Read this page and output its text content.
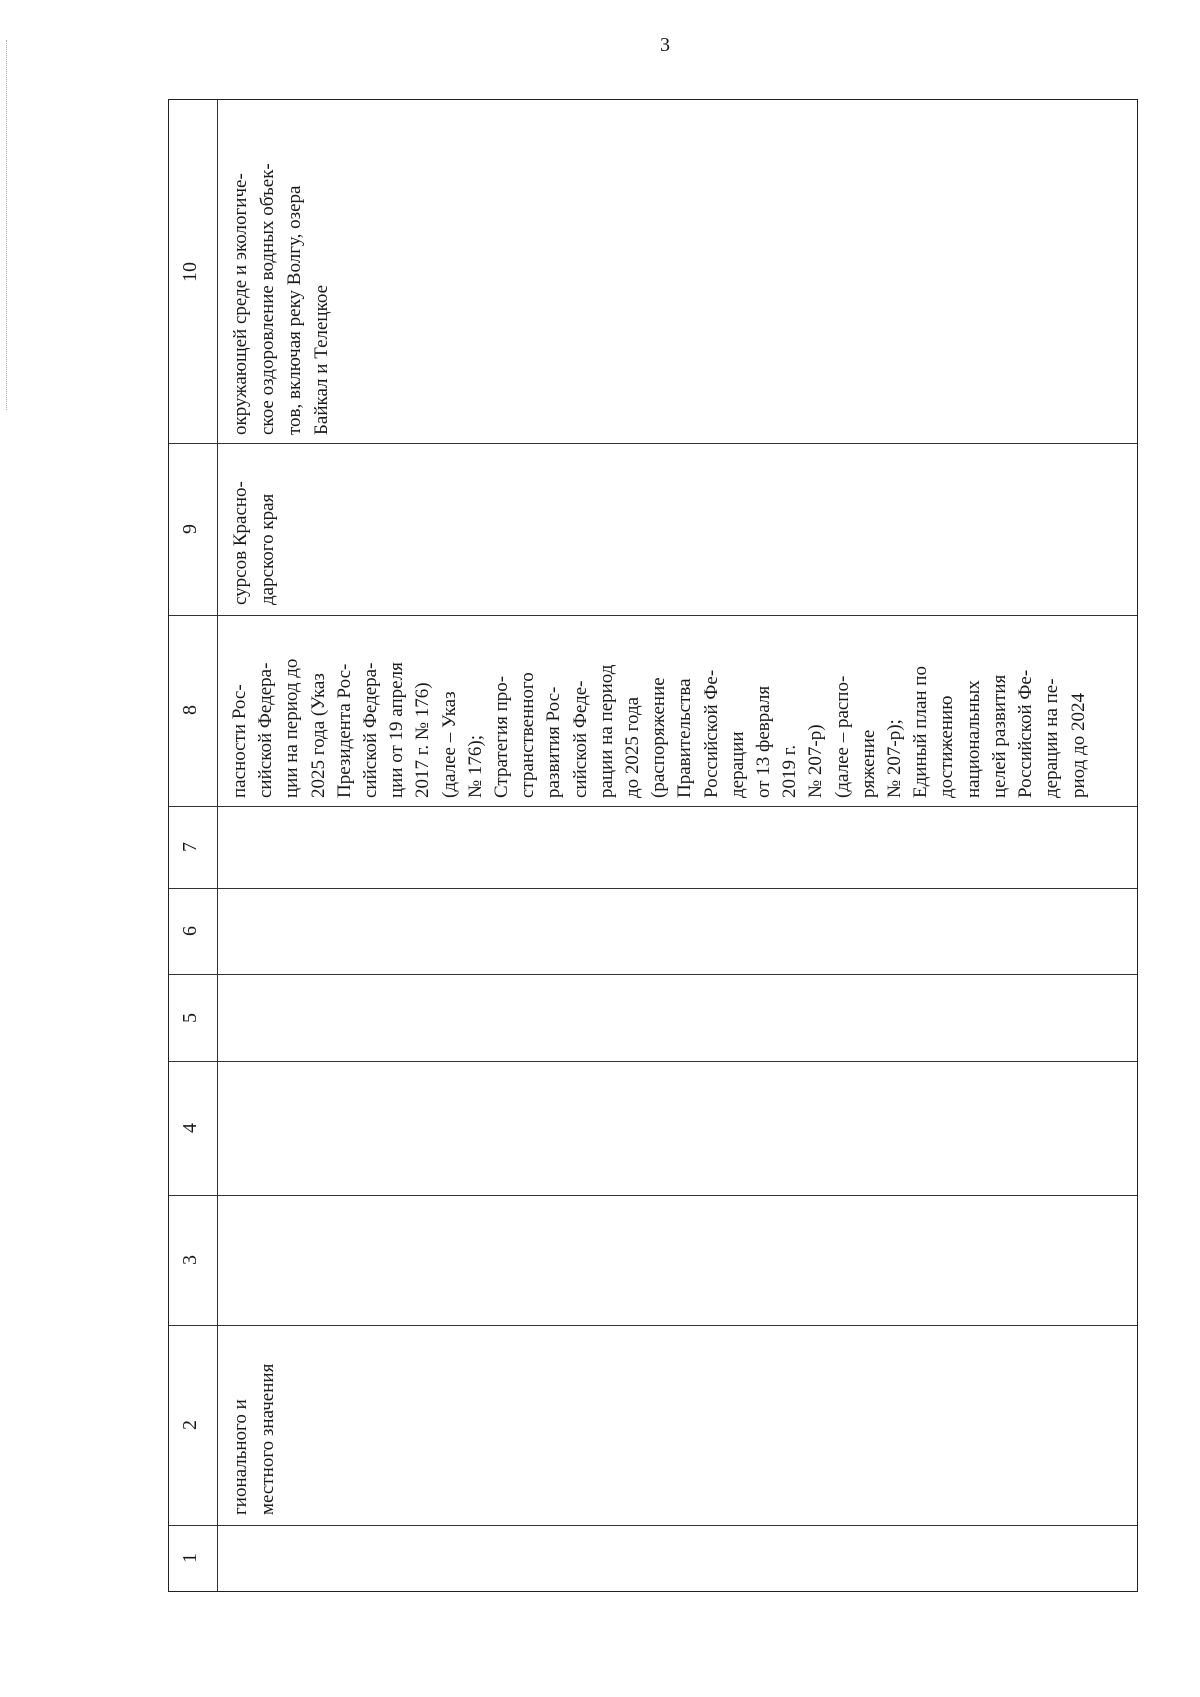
3
10
9
8
7
6
5
4
3
2
1
окружающей среде и экологиче- ское оздоровление водных объек- тов, включая реку Волгу, озера Байкал и Телецкое
сурсов Красно- дарского края
пасности Рос- сийской Федера- ции на период до 2025 года (Указ Президента Рос- сийской Федера- ции от 19 апреля 2017 г. № 176) (далее – Указ № 176); Стратегия про- странственного развития Рос- сийской Феде- рации на период до 2025 года (распоряжение Правительства Российской Фе- дерации от 13 февраля 2019 г. № 207-р) (далее – распо- ряжение № 207-р); Единый план по достижению национальных целей развития Российской Фе- дерации на пе- риод до 2024
гионального и местного значения
